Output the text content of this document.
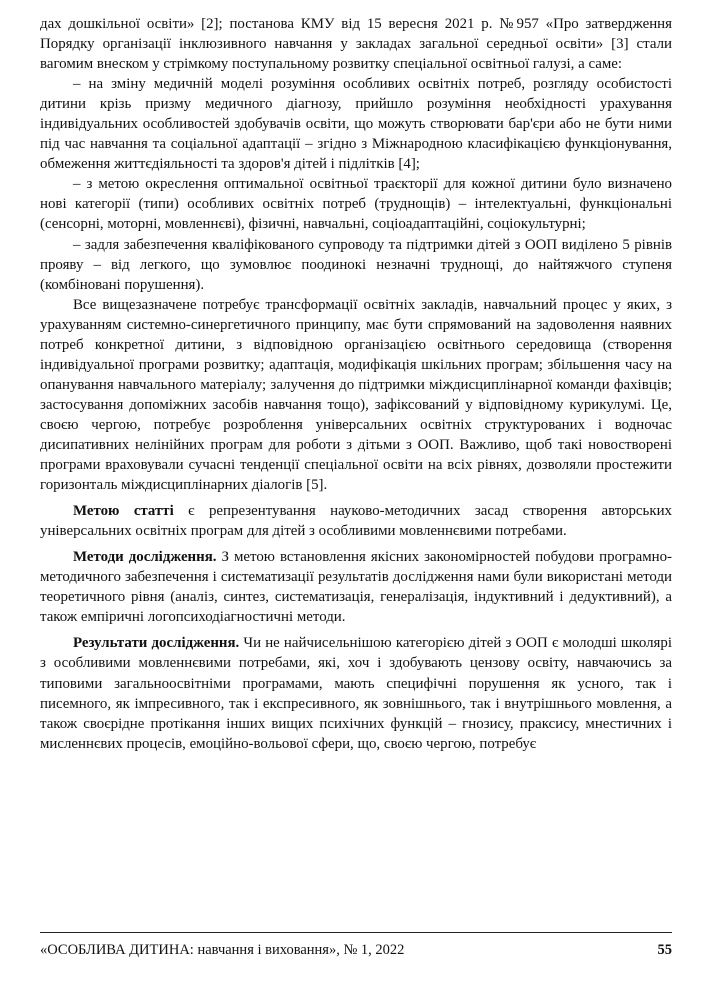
дах дошкільної освіти» [2]; постанова КМУ від 15 вересня 2021 р. №957 «Про затвердження Порядку організації інклюзивного навчання у закладах загальної середньої освіти» [3] стали вагомим внеском у стрімкому поступальному розвитку спеціальної освітньої галузі, а саме:

– на зміну медичній моделі розуміння особливих освітніх потреб, розгляду особистості дитини крізь призму медичного діагнозу, прийшло розуміння необхідності урахування індивідуальних особливостей здобувачів освіти, що можуть створювати бар'єри або не бути ними під час навчання та соціальної адаптації – згідно з Міжнародною класифікацією функціонування, обмеження життєдіяльності та здоров'я дітей і підлітків [4];

– з метою окреслення оптимальної освітньої траєкторії для кожної дитини було визначено нові категорії (типи) особливих освітніх потреб (труднощів) – інтелектуальні, функціональні (сенсорні, моторні, мовленнєві), фізичні, навчальні, соціоадаптаційні, соціокультурні;

– задля забезпечення кваліфікованого супроводу та підтримки дітей з ООП виділено 5 рівнів прояву – від легкого, що зумовлює поодинокі незначні труднощі, до найтяжчого ступеня (комбіновані порушення).

Все вищезазначене потребує трансформації освітніх закладів, навчальний процес у яких, з урахуванням системно-синергетичного принципу, має бути спрямований на задоволення наявних потреб конкретної дитини, з відповідною організацією освітнього середовища (створення індивідуальної програми розвитку; адаптація, модифікація шкільних програм; збільшення часу на опанування навчального матеріалу; залучення до підтримки міждисциплінарної команди фахівців; застосування допоміжних засобів навчання тощо), зафіксований у відповідному курикулумі. Це, своєю чергою, потребує розроблення універсальних освітніх структурованих і водночас дисипативних нелінійних програм для роботи з дітьми з ООП. Важливо, щоб такі новостворені програми враховували сучасні тенденції спеціальної освіти на всіх рівнях, дозволяли простежити горизонталь міждисциплінарних діалогів [5].

Метою статті є репрезентування науково-методичних засад створення авторських універсальних освітніх програм для дітей з особливими мовленнєвими потребами.

Методи дослідження. З метою встановлення якісних закономірностей побудови програмно-методичного забезпечення і систематизації результатів дослідження нами були використані методи теоретичного рівня (аналіз, синтез, систематизація, генералізація, індуктивний і дедуктивний), а також емпіричні логопсиходіагностичні методи.

Результати дослідження. Чи не найчисельнішою категорією дітей з ООП є молодші школярі з особливими мовленнєвими потребами, які, хоч і здобувають цензову освіту, навчаючись за типовими загальноосвітніми програмами, мають специфічні порушення як усного, так і писемного, як імпресивного, так і експресивного, як зовнішнього, так і внутрішнього мовлення, а також своєрідне протікання інших вищих психічних функцій – гнозису, праксису, мнестичних і мисленнєвих процесів, емоційно-вольової сфери, що, своєю чергою, потребує

«ОСОБЛИВА ДИТИНА: навчання і виховання», № 1, 2022	55
